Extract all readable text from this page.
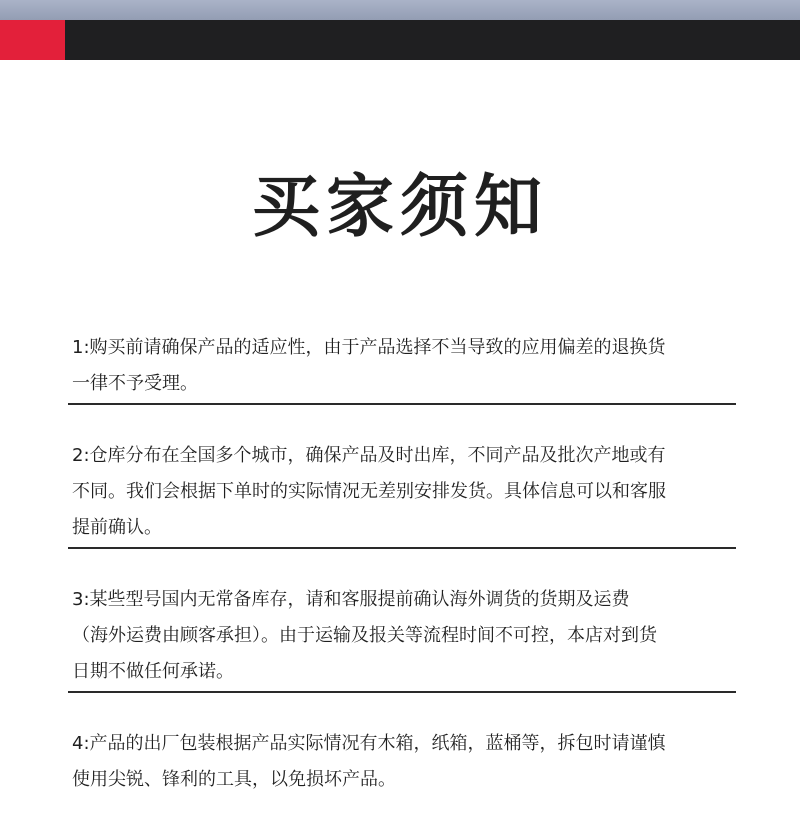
买家须知
1:购买前请确保产品的适应性，由于产品选择不当导致的应用偏差的退换货
一律不予受理。
2:仓库分布在全国多个城市，确保产品及时出库，不同产品及批次产地或有
不同。我们会根据下单时的实际情况无差别安排发货。具体信息可以和客服
提前确认。
3:某些型号国内无常备库存，请和客服提前确认海外调货的货期及运费
（海外运费由顾客承担）。由于运输及报关等流程时间不可控，本店对到货
日期不做任何承诺。
4:产品的出厂包装根据产品实际情况有木箱，纸箱，蓝桶等，拆包时请谨慎
使用尖锐、锋利的工具，以免损坏产品。
